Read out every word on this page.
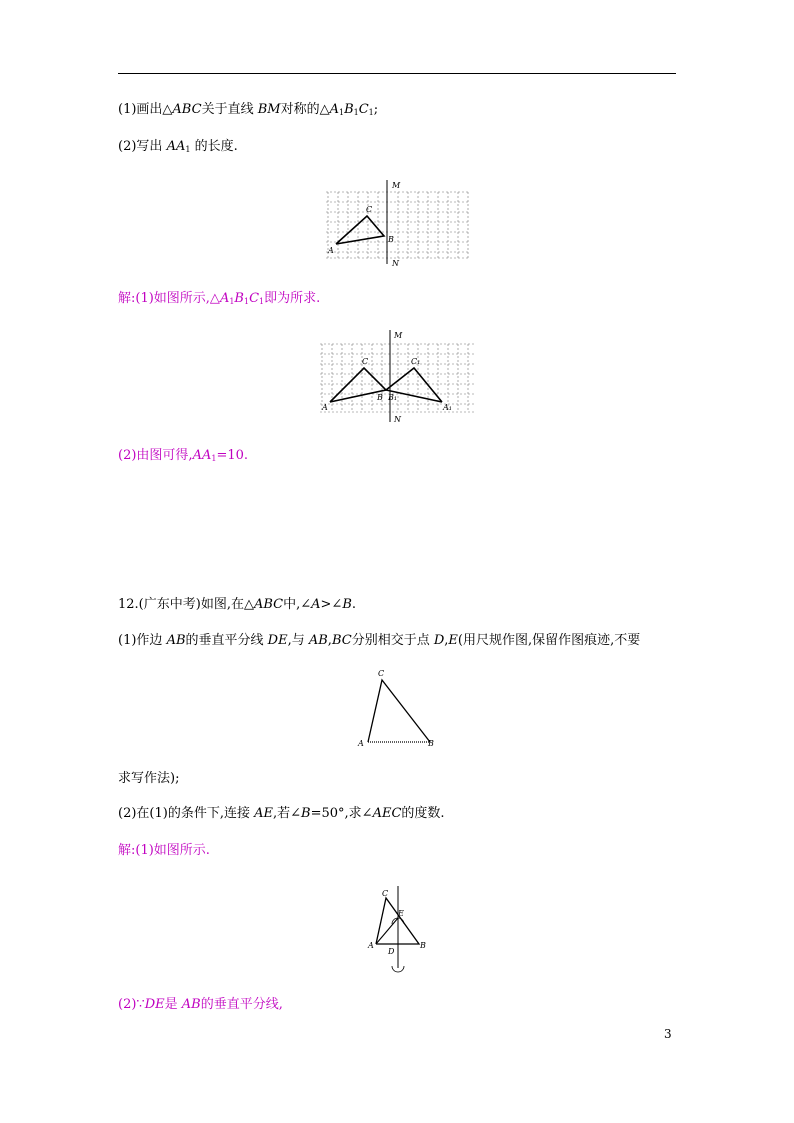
(1)画出△ABC关于直线 BM对称的$\triangle A_1B_1C_1$;
(2)写出 $AA_1$ 的长度.
M
N
A
B
C
解:(1)如图所示$,\triangle A_1B_1C_1$即为所求.
M
N
A
B
C
A₁
B₁
C₁
(2)由图可得$,AA_1=10$.
12.(广东中考)如图,在△ABC中,∠A>∠B.
(1)作边 AB的垂直平分线 DE,与 AB,BC分别相交于点 D,E(用尺规作图,保留作图痕迹,不要
A	B
C
求写作法);
(2)在(1)的条件下,连接 AE,若∠B=50°,求∠AEC的度数.
解:(1)如图所示.
A	B
C
D
E
(2)∵DE是 AB的垂直平分线,
3
